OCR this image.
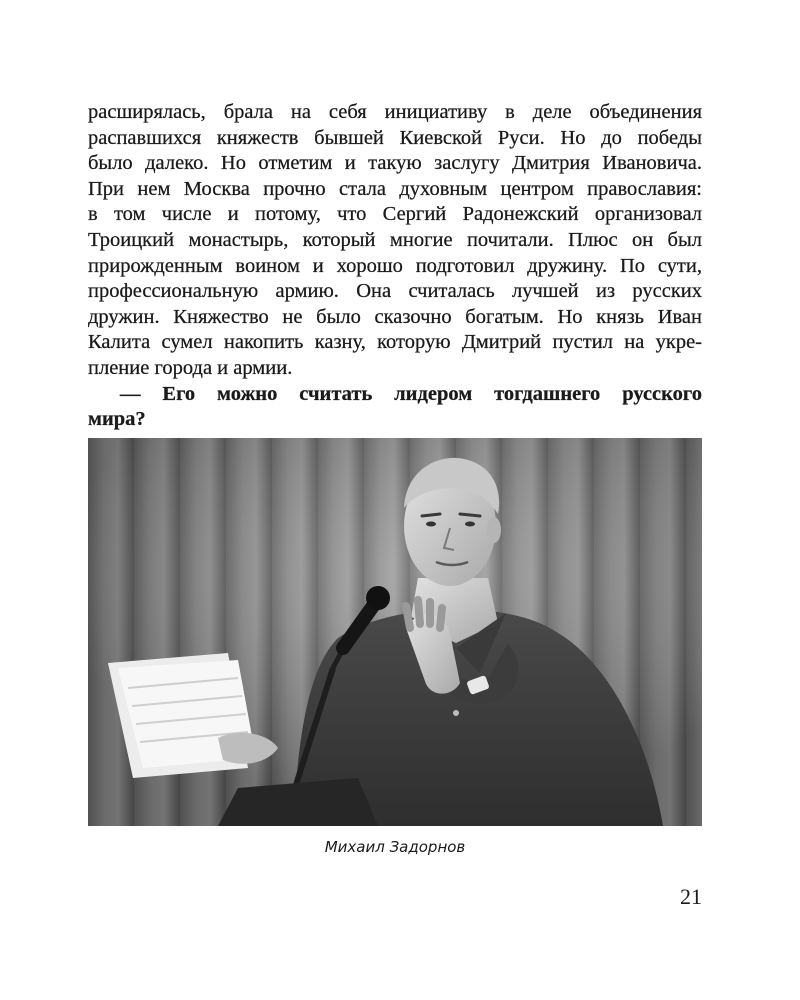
расширялась, брала на себя инициативу в деле объединения
распавшихся княжеств бывшей Киевской Руси. Но до победы
было далеко. Но отметим и такую заслугу Дмитрия Ивановича.
При нем Москва прочно стала духовным центром православия:
в том числе и потому, что Сергий Радонежский организовал
Троицкий монастырь, который многие почитали. Плюс он был
прирожденным воином и хорошо подготовил дружину. По сути,
профессиональную армию. Она считалась лучшей из русских
дружин. Княжество не было сказочно богатым. Но князь Иван
Калита сумел накопить казну, которую Дмитрий пустил на укре-
пление города и армии.

— Его можно считать лидером тогдашнего русского
мира?

Михаил Задорнов
21
